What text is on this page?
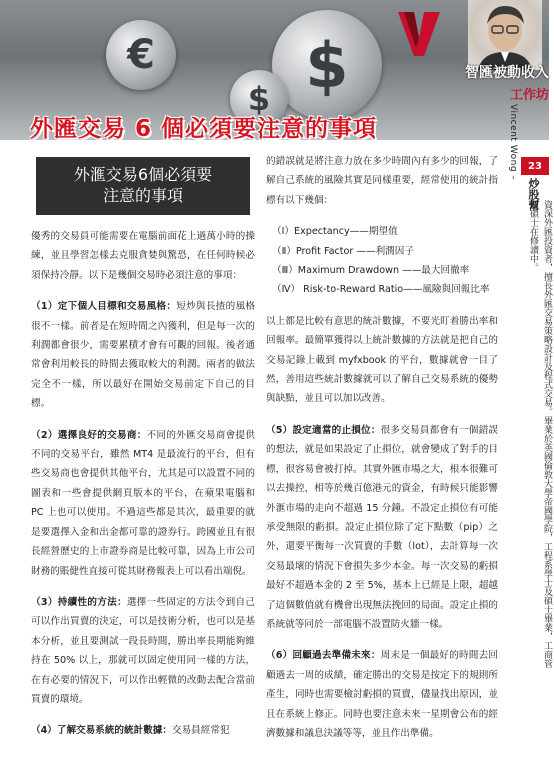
€	$
$
智匯被動收入
工作坊
外匯交易 6 個必須要注意的事項	Vincent Wong –	23
炒股幫
資深外匯投資者，擅長外匯交易策略設計及程式交易。畢業於英國倫敦大學帝國學院，工程系學士及碩士畢業，工商管理碩士在修讀中。
外滙交易6個必須要
注意的事項

優秀的交易員可能需要在電腦前面花上過萬小時的操練，並且學習怎樣去克服貪婪與驚恐，在任何時候必須保持冷靜。以下是幾個交易時必須注意的事項：

（1）定下個人目標和交易風格：短炒與長揸的風格很不一樣。前者是在短時間之內獲利，但是每一次的利潤都會很少，需要累積才會有可觀的回報。後者通常會利用較長的時間去獲取較大的利潤。兩者的做法完全不一樣，所以最好在開始交易前定下自己的目標。

（2）選擇良好的交易商：不同的外匯交易商會提供不同的交易平台，雖然 MT4 是最流行的平台，但有些交易商也會提供其他平台，尤其是可以設置不同的圖表和一些會提供網頁版本的平台，在蘋果電腦和 PC 上也可以使用。不過這些都是其次，最重要的就是要選擇入金和出金都可靠的證券行。跨國並且有很長經營歷史的上市證券商是比較可靠，因為上市公司財務的賬健性直接可從其財務報表上可以看出端倪。

（3）持續性的方法：選擇一些固定的方法令到自己可以作出買賣的決定，可以是技術分析，也可以是基本分析，並且要測試一段長時間，勝出率長期能夠維持在 50% 以上，那就可以固定使用同一樣的方法，在有必要的情況下，可以作出輕微的改動去配合當前買賣的環境。

（4）了解交易系統的統計數據：交易員經常犯

的錯誤就是將注意力放在多少時間內有多少的回報，了解自己系統的風險其實是同樣重要，經常使用的統計指標有以下幾個：

（Ⅰ）Expectancy——期望值
（Ⅱ）Profit Factor ——利潤因子
（Ⅲ）Maximum Drawdown ——最大回撤率
（Ⅳ） Risk-to-Reward Ratio——風險與回報比率

以上都是比較有意思的統計數據，不要光盯着勝出率和回報率。最簡單獲得以上統計數據的方法就是把自己的交易記錄上載到 myfxbook 的平台，數據就會一目了然，善用這些統計數據就可以了解自己交易系統的優勢與缺點，並且可以加以改善。

（5）設定適當的止損位：很多交易員都會有一個錯誤的想法，就是如果設定了止損位，就會變成了對手的目標，很容易會被打掉。其實外匯市場之大，根本很難可以去操控，相等於幾百億港元的資金，有時候只能影響外滙市場的走向不超過 15 分鐘。不設定止損位有可能承受無限的虧損。設定止損位除了定下點數（pip）之外，還要平衡每一次買賣的手數（lot），去計算每一次交易最壞的情況下會損失多少本金。每一次交易的虧損最好不超過本金的 2 至 5%，基本上已經是上限，超越了這個數值就有機會出現無法挽回的局面。設定止損的系統就等同於一部電腦不設置防火牆一樣。

（6）回顧過去準備未來：周末是一個最好的時間去回顧過去一周的成績，確定勝出的交易是按定下的規則所產生，同時也需要檢討虧損的買賣，儘量找出原因，並且在系統上修正。同時也要注意未來一星期會公布的經濟數據和議息決議等等，並且作出準備。
